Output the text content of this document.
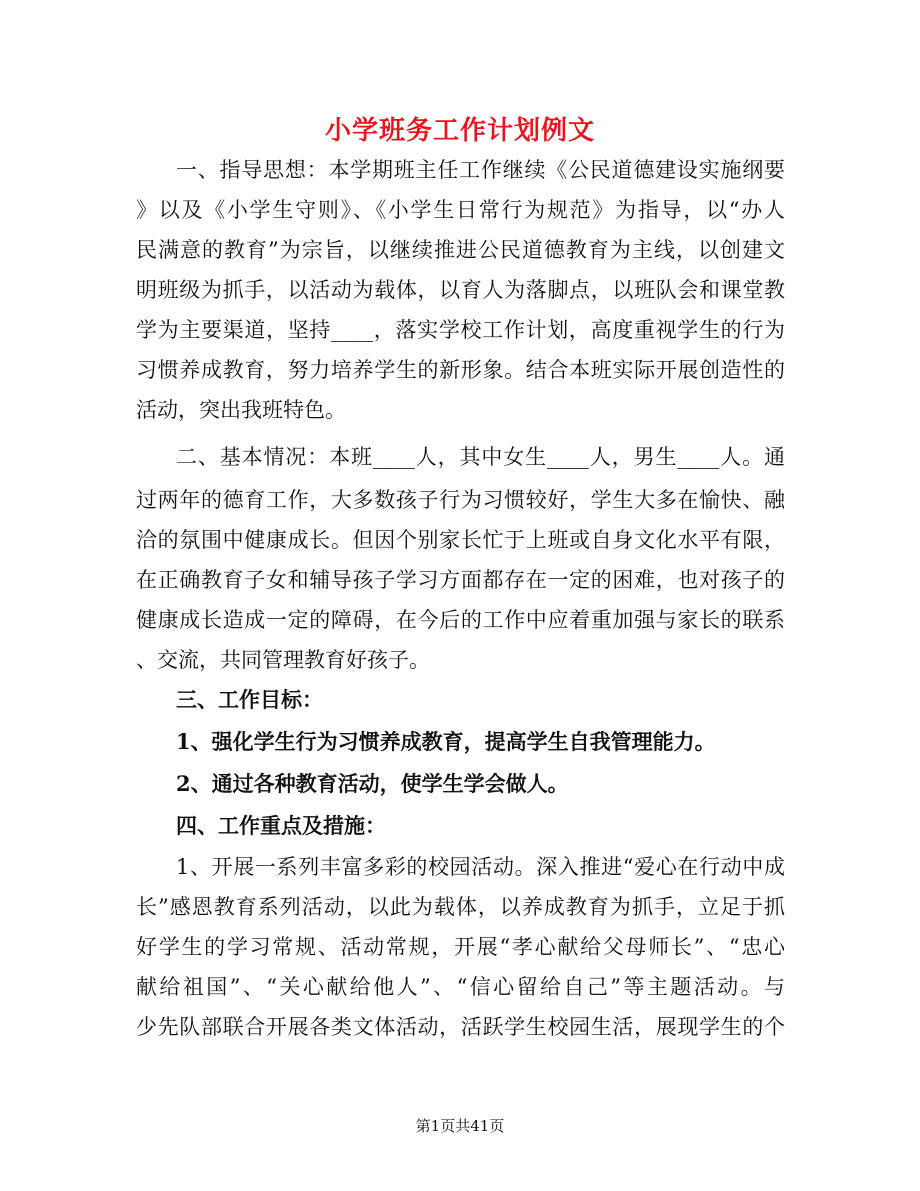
小学班务工作计划例文
一、指导思想：本学期班主任工作继续《公民道德建设实施纲要
》以及《小学生守则》、《小学生日常行为规范》为指导，以“办人
民满意的教育”为宗旨，以继续推进公民道德教育为主线，以创建文
明班级为抓手，以活动为载体，以育人为落脚点，以班队会和课堂教
学为主要渠道，坚持____，落实学校工作计划，高度重视学生的行为
习惯养成教育，努力培养学生的新形象。结合本班实际开展创造性的
活动，突出我班特色。
二、基本情况：本班____人，其中女生____人，男生____人。通
过两年的德育工作，大多数孩子行为习惯较好，学生大多在愉快、融
洽的氛围中健康成长。但因个别家长忙于上班或自身文化水平有限，
在正确教育子女和辅导孩子学习方面都存在一定的困难，也对孩子的
健康成长造成一定的障碍，在今后的工作中应着重加强与家长的联系
、交流，共同管理教育好孩子。
三、工作目标：
1、强化学生行为习惯养成教育，提高学生自我管理能力。
2、通过各种教育活动，使学生学会做人。
四、工作重点及措施：
1、开展一系列丰富多彩的校园活动。深入推进“爱心在行动中成
长”感恩教育系列活动，以此为载体，以养成教育为抓手，立足于抓
好学生的学习常规、活动常规，开展“孝心献给父母师长”、“忠心
献给祖国”、“关心献给他人”、“信心留给自己”等主题活动。与
少先队部联合开展各类文体活动，活跃学生校园生活，展现学生的个
第1页共41页
